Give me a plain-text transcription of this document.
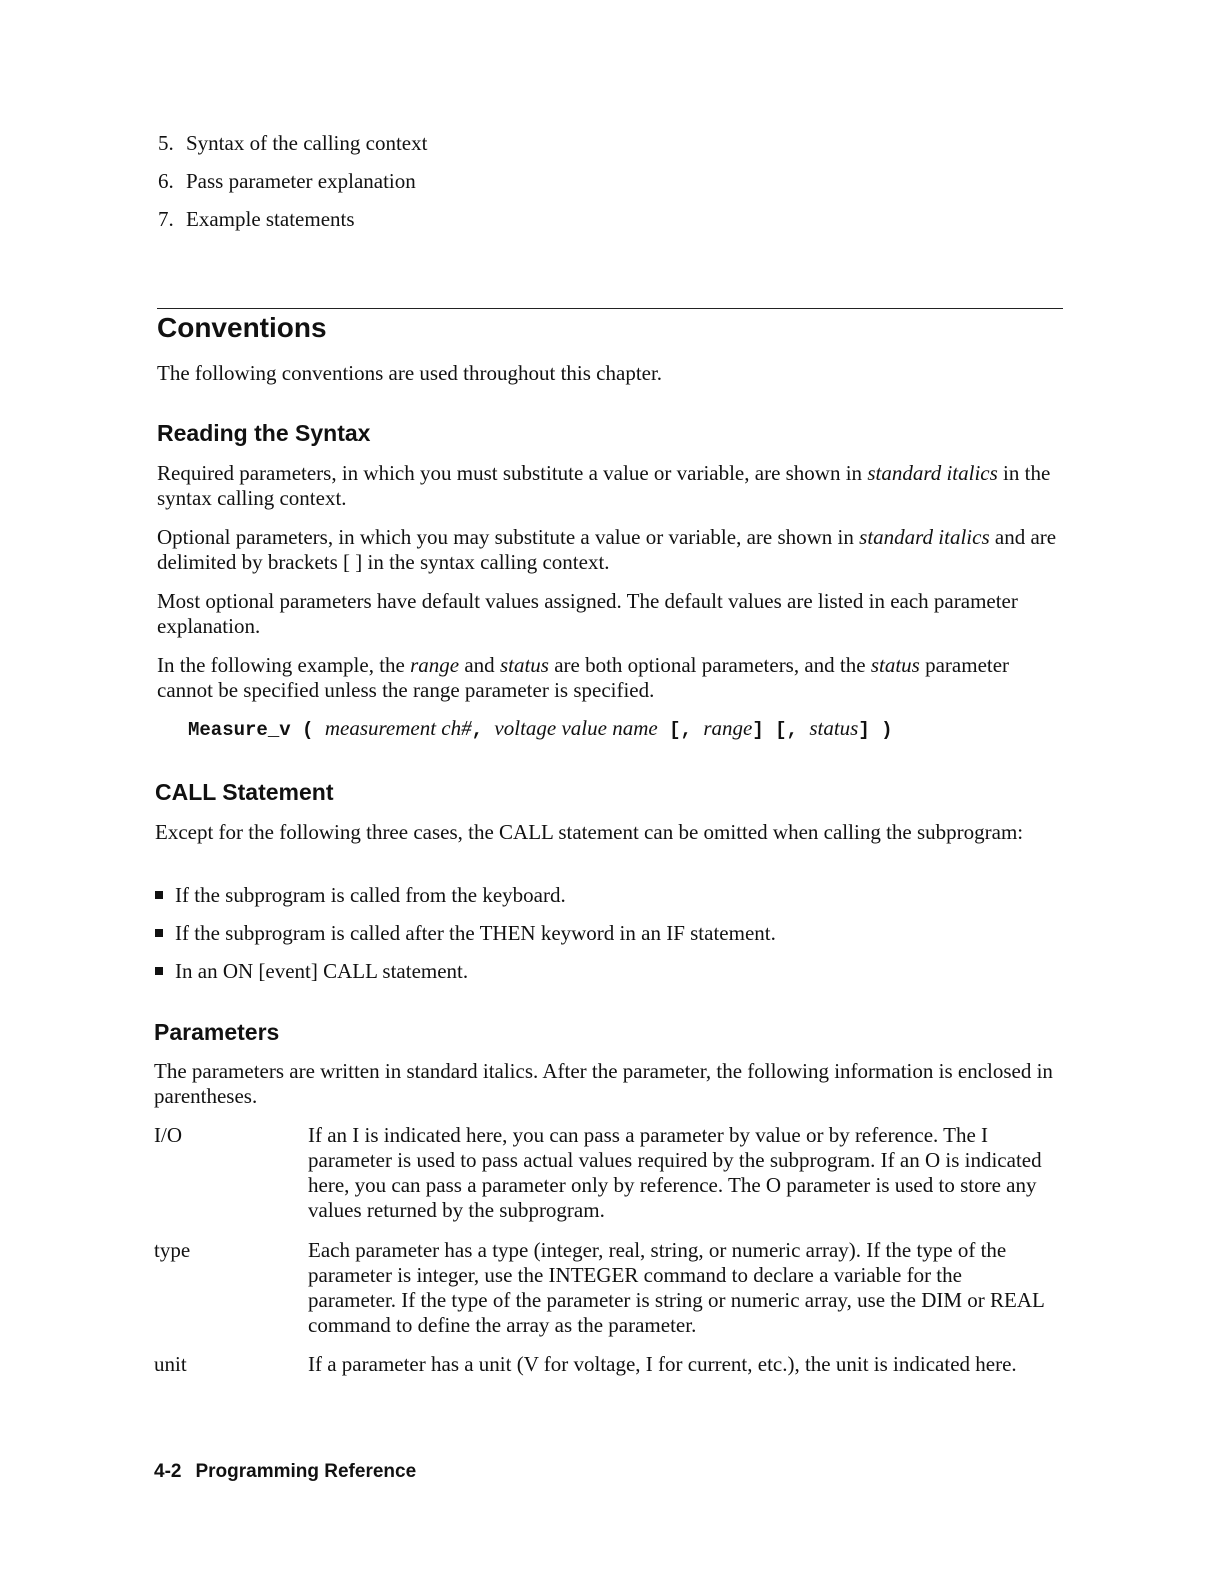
5. Syntax of the calling context
6. Pass parameter explanation
7. Example statements
Conventions
The following conventions are used throughout this chapter.
Reading the Syntax
Required parameters, in which you must substitute a value or variable, are shown in standard italics in the syntax calling context.
Optional parameters, in which you may substitute a value or variable, are shown in standard italics and are delimited by brackets [ ] in the syntax calling context.
Most optional parameters have default values assigned. The default values are listed in each parameter explanation.
In the following example, the range and status are both optional parameters, and the status parameter cannot be specified unless the range parameter is specified.
Measure_v ( measurement ch#, voltage value name [, range] [, status] )
CALL Statement
Except for the following three cases, the CALL statement can be omitted when calling the subprogram:
If the subprogram is called from the keyboard.
If the subprogram is called after the THEN keyword in an IF statement.
In an ON [event] CALL statement.
Parameters
The parameters are written in standard italics. After the parameter, the following information is enclosed in parentheses.
I/O	If an I is indicated here, you can pass a parameter by value or by reference. The I parameter is used to pass actual values required by the subprogram. If an O is indicated here, you can pass a parameter only by reference. The O parameter is used to store any values returned by the subprogram.
type	Each parameter has a type (integer, real, string, or numeric array). If the type of the parameter is integer, use the INTEGER command to declare a variable for the parameter. If the type of the parameter is string or numeric array, use the DIM or REAL command to define the array as the parameter.
unit	If a parameter has a unit (V for voltage, I for current, etc.), the unit is indicated here.
4-2 Programming Reference
